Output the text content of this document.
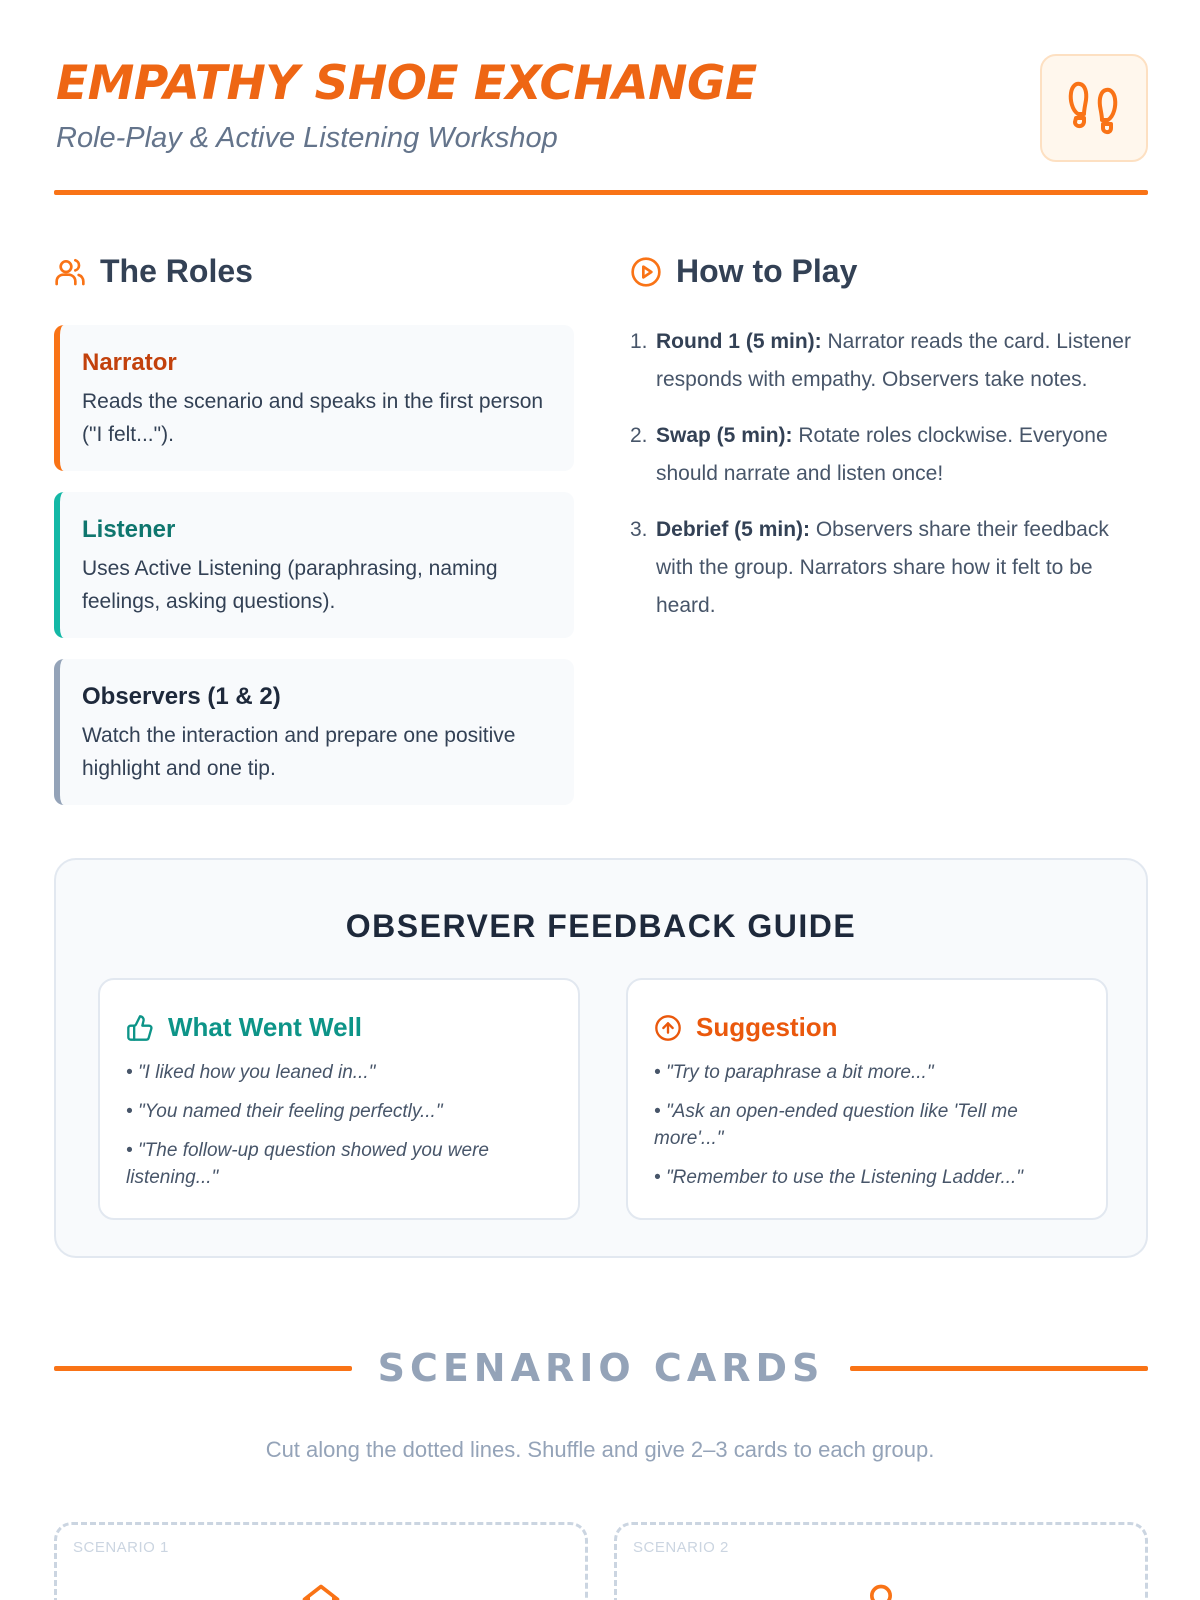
EMPATHY SHOE EXCHANGE
Role-Play & Active Listening Workshop
The Roles
Narrator
Reads the scenario and speaks in the first person ("I felt...").
Listener
Uses Active Listening (paraphrasing, naming feelings, asking questions).
Observers (1 & 2)
Watch the interaction and prepare one positive highlight and one tip.
How to Play
1. Round 1 (5 min): Narrator reads the card. Listener responds with empathy. Observers take notes.
2. Swap (5 min): Rotate roles clockwise. Everyone should narrate and listen once!
3. Debrief (5 min): Observers share their feedback with the group. Narrators share how it felt to be heard.
OBSERVER FEEDBACK GUIDE
What Went Well
• "I liked how you leaned in..."
• "You named their feeling perfectly..."
• "The follow-up question showed you were listening..."
Suggestion
• "Try to paraphrase a bit more..."
• "Ask an open-ended question like 'Tell me more'..."
• "Remember to use the Listening Ladder..."
SCENARIO CARDS
Cut along the dotted lines. Shuffle and give 2–3 cards to each group.
SCENARIO 1	SCENARIO 2
